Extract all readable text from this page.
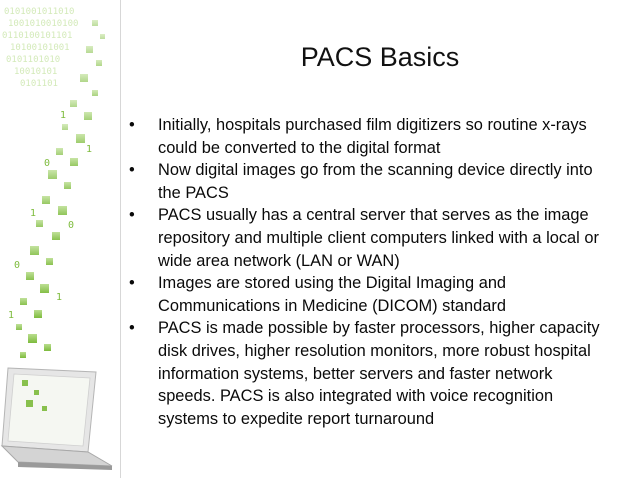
0101001011010
1001010010100
0110100101101
10100101001
0101101010
10010101
0101101
1
0
1
1
0
0
1
1
PACS Basics
• Initially, hospitals purchased film digitizers so routine x-rays could be converted to the digital format
• Now digital images go from the scanning device directly into the PACS
• PACS usually has a central server that serves as the image repository and multiple client computers linked with a local or wide area network (LAN or WAN)
• Images are stored using the Digital Imaging and Communications in Medicine (DICOM) standard
• PACS is made possible by faster processors, higher capacity disk drives, higher resolution monitors, more robust hospital information systems, better servers and faster network speeds. PACS is also integrated with voice recognition systems to expedite report turnaround
